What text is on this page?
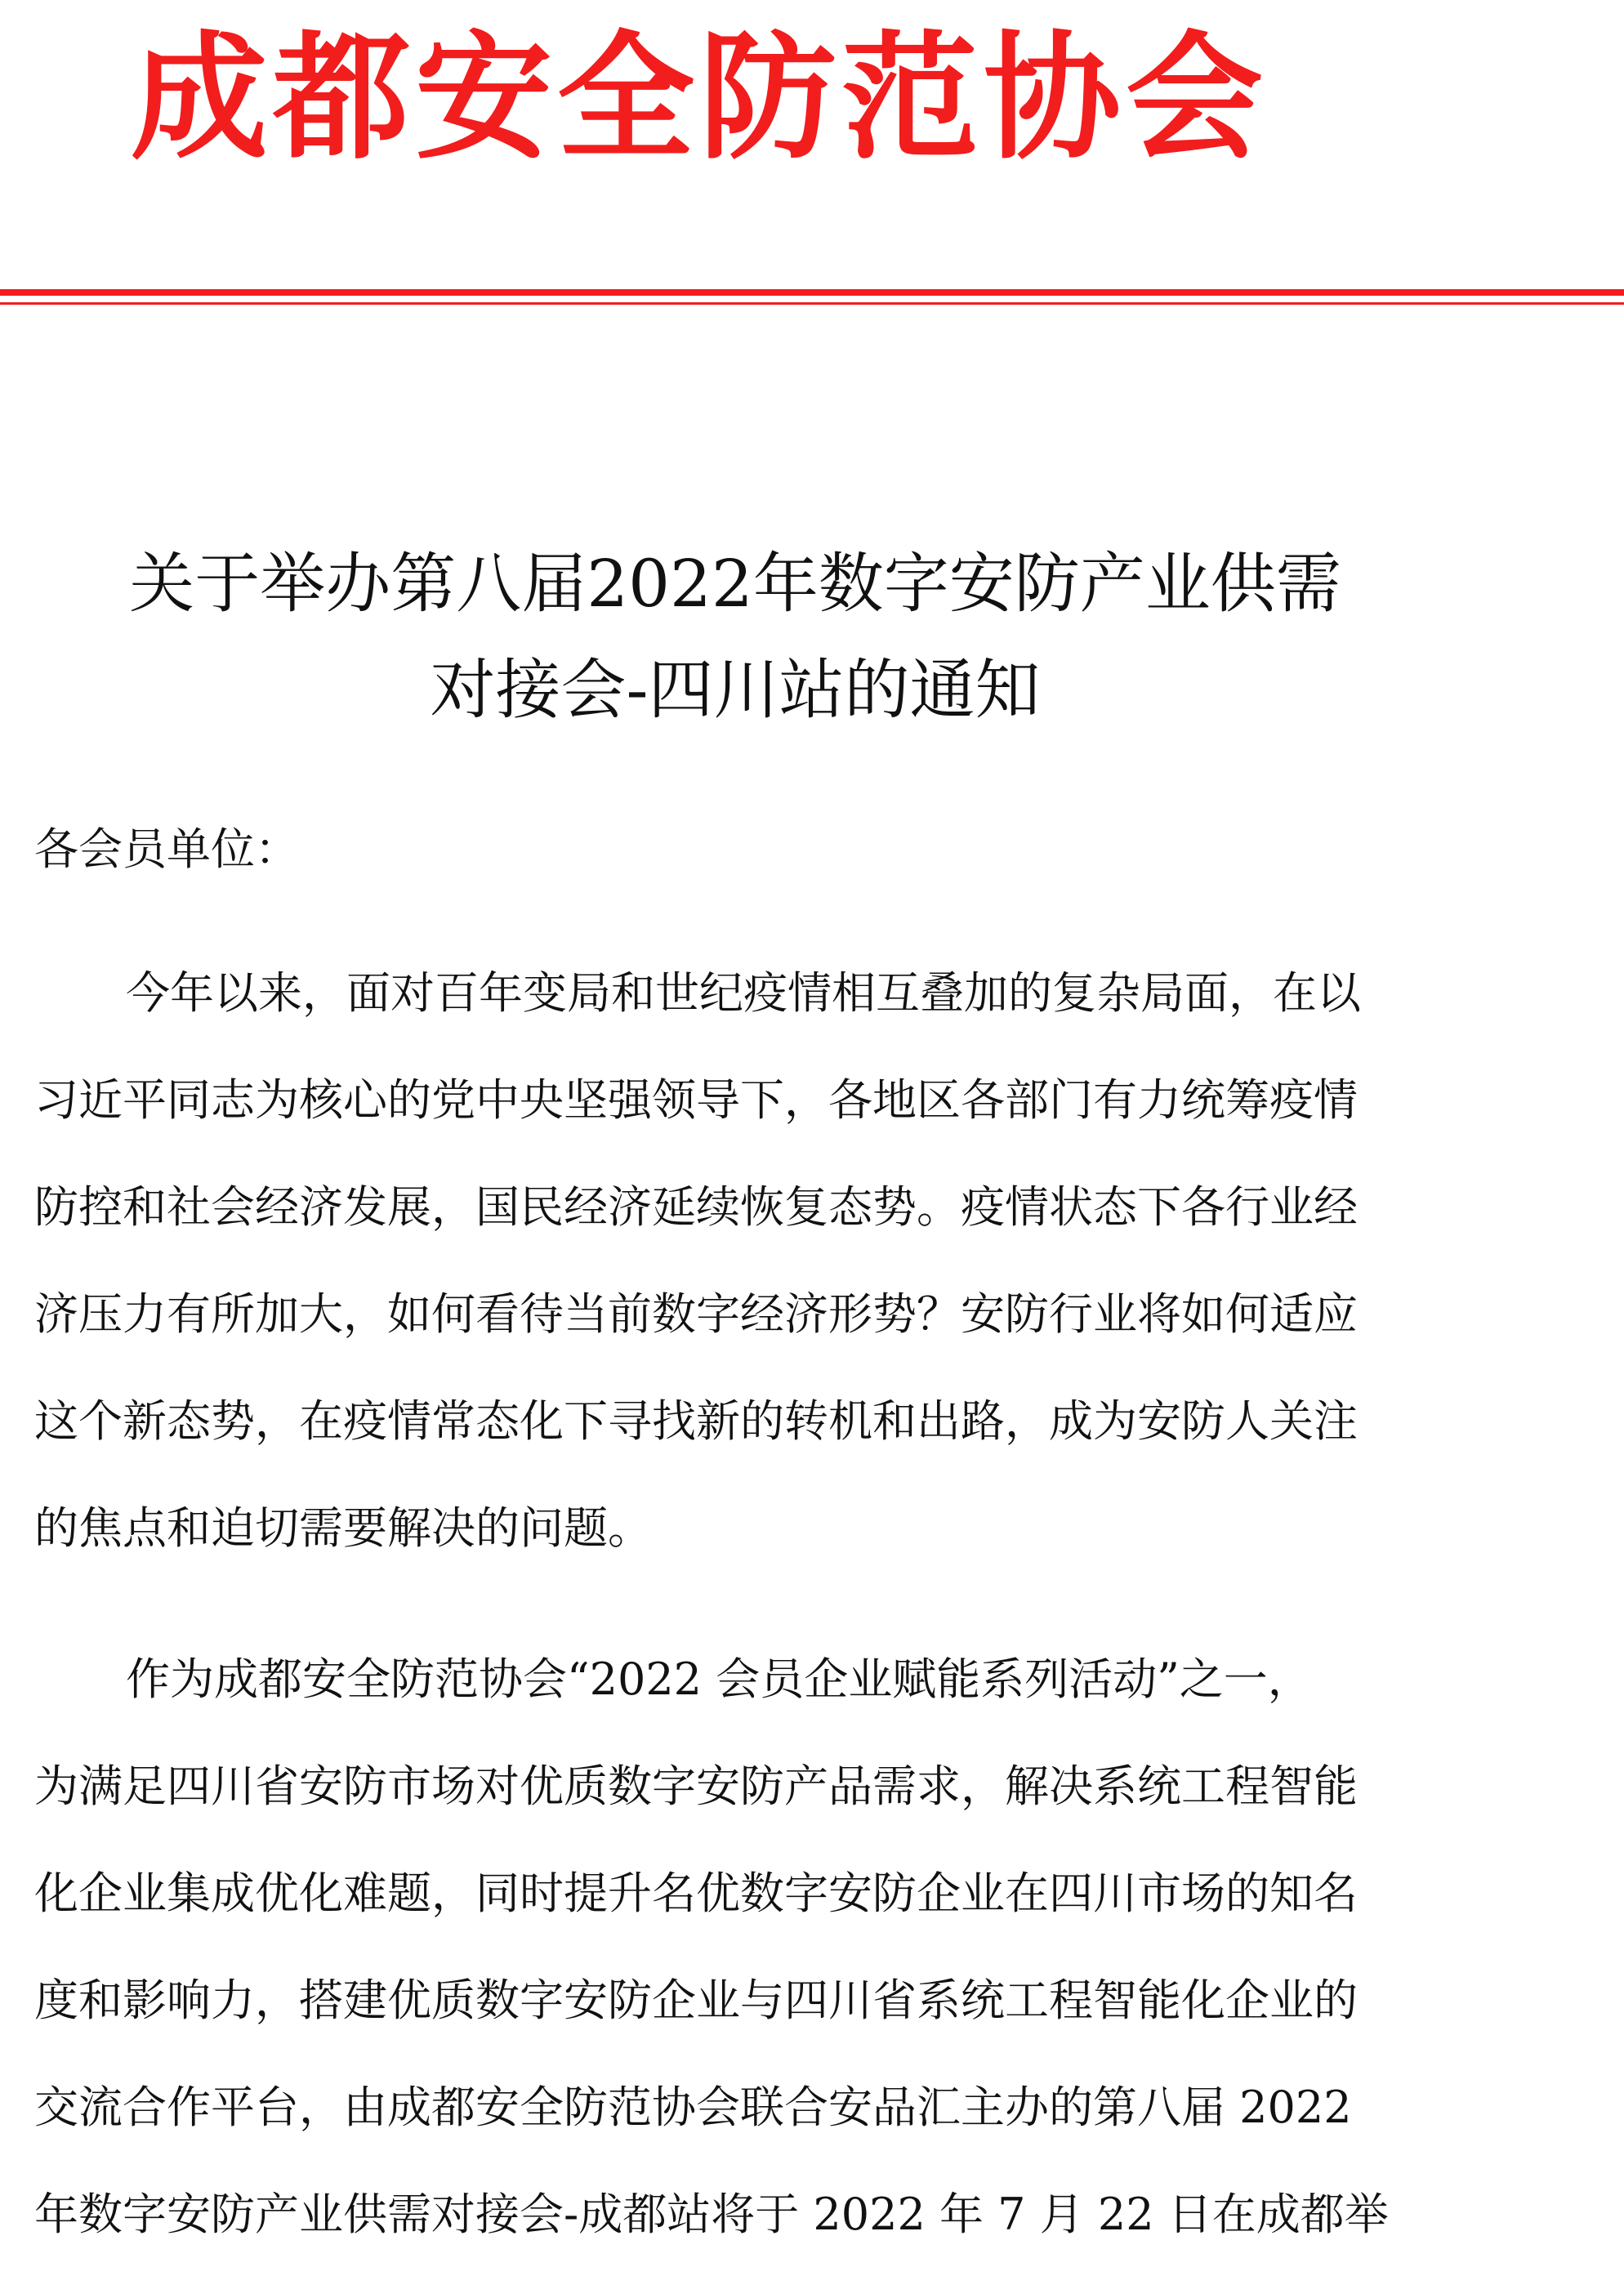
成都安全防范协会
关于举办第八届2022年数字安防产业供需
对接会-四川站的通知
各会员单位：
今年以来，面对百年变局和世纪疫情相互叠加的复杂局面，在以
习近平同志为核心的党中央坚强领导下，各地区各部门有力统筹疫情
防控和社会经济发展，国民经济延续恢复态势。疫情状态下各行业经
济压力有所加大，如何看待当前数字经济形势？安防行业将如何适应
这个新态势，在疫情常态化下寻找新的转机和出路，成为安防人关注
的焦点和迫切需要解决的问题。
作为成都安全防范协会“2022 会员企业赋能系列活动”之一，
为满足四川省安防市场对优质数字安防产品需求，解决系统工程智能
化企业集成优化难题，同时提升名优数字安防企业在四川市场的知名
度和影响力，搭建优质数字安防企业与四川省系统工程智能化企业的
交流合作平台，由成都安全防范协会联合安品汇主办的第八届 2022
年数字安防产业供需对接会-成都站将于 2022 年 7 月 22 日在成都举
